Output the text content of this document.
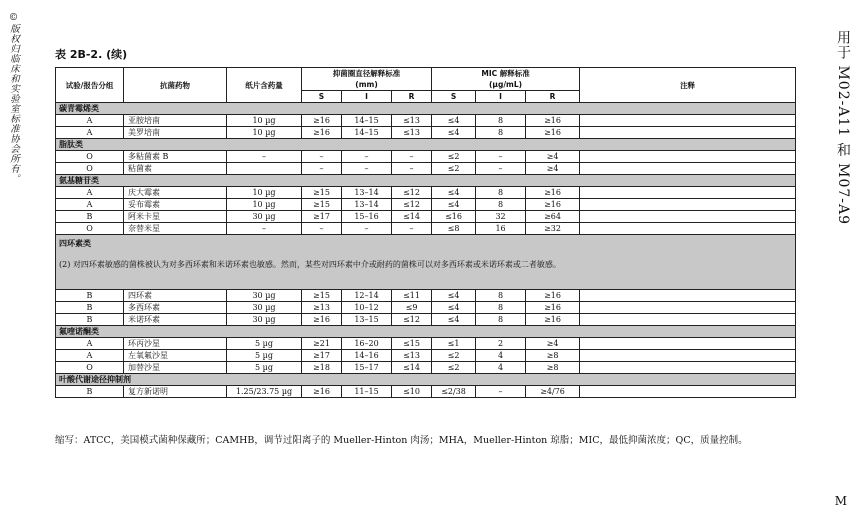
©版权归临床和实验室标准协会所有。	用于 M02-A11 和 M07-A9
M
表 2B-2. (续)
试验/报告分组	抗菌药物	纸片含药量	抑菌圈直径解释标准
(mm)			MIC 解释标准
(µg/mL)			注释
			S	I	R	S	I	R	
碳青霉烯类									
A	亚胺培南	10 µg	≥16	14–15	≤13	≤4	8	≥16	
A	美罗培南	10 µg	≥16	14–15	≤13	≤4	8	≥16	
脂肽类									
O	多粘菌素 B	–	–	–	–	≤2	–	≥4	
O	粘菌素		–	–	–	≤2	–	≥4	
氨基糖苷类									
A	庆大霉素	10 µg	≥15	13–14	≤12	≤4	8	≥16	
A	妥布霉素	10 µg	≥15	13–14	≤12	≤4	8	≥16	
B	阿米卡星	30 µg	≥17	15–16	≤14	≤16	32	≥64	
O	奈替米星	–	–	–	–	≤8	16	≥32	

四环素类
(2) 对四环素敏感的菌株被认为对多西环素和米诺环素也敏感。然而，某些对四环素中介或耐药的菌株可以对多西环素或米诺环素或二者敏感。									
B	四环素	30 µg	≥15	12–14	≤11	≤4	8	≥16	
B	多西环素	30 µg	≥13	10–12	≤9	≤4	8	≥16	
B	米诺环素	30 µg	≥16	13–15	≤12	≤4	8	≥16	
氟喹诺酮类									
A	环丙沙星	5 µg	≥21	16–20	≤15	≤1	2	≥4	
A	左氧氟沙星	5 µg	≥17	14–16	≤13	≤2	4	≥8	
O	加替沙星	5 µg	≥18	15–17	≤14	≤2	4	≥8	
叶酸代谢途径抑制剂									
B	复方新诺明	1.25/23.75 µg	≥16	11–15	≤10	≤2/38	–	≥4/76	
缩写：ATCC，美国模式菌种保藏所；CAMHB，调节过阳离子的 Mueller-Hinton 肉汤；MHA，Mueller-Hinton 琼脂；MIC，最低抑菌浓度；QC，质量控制。
